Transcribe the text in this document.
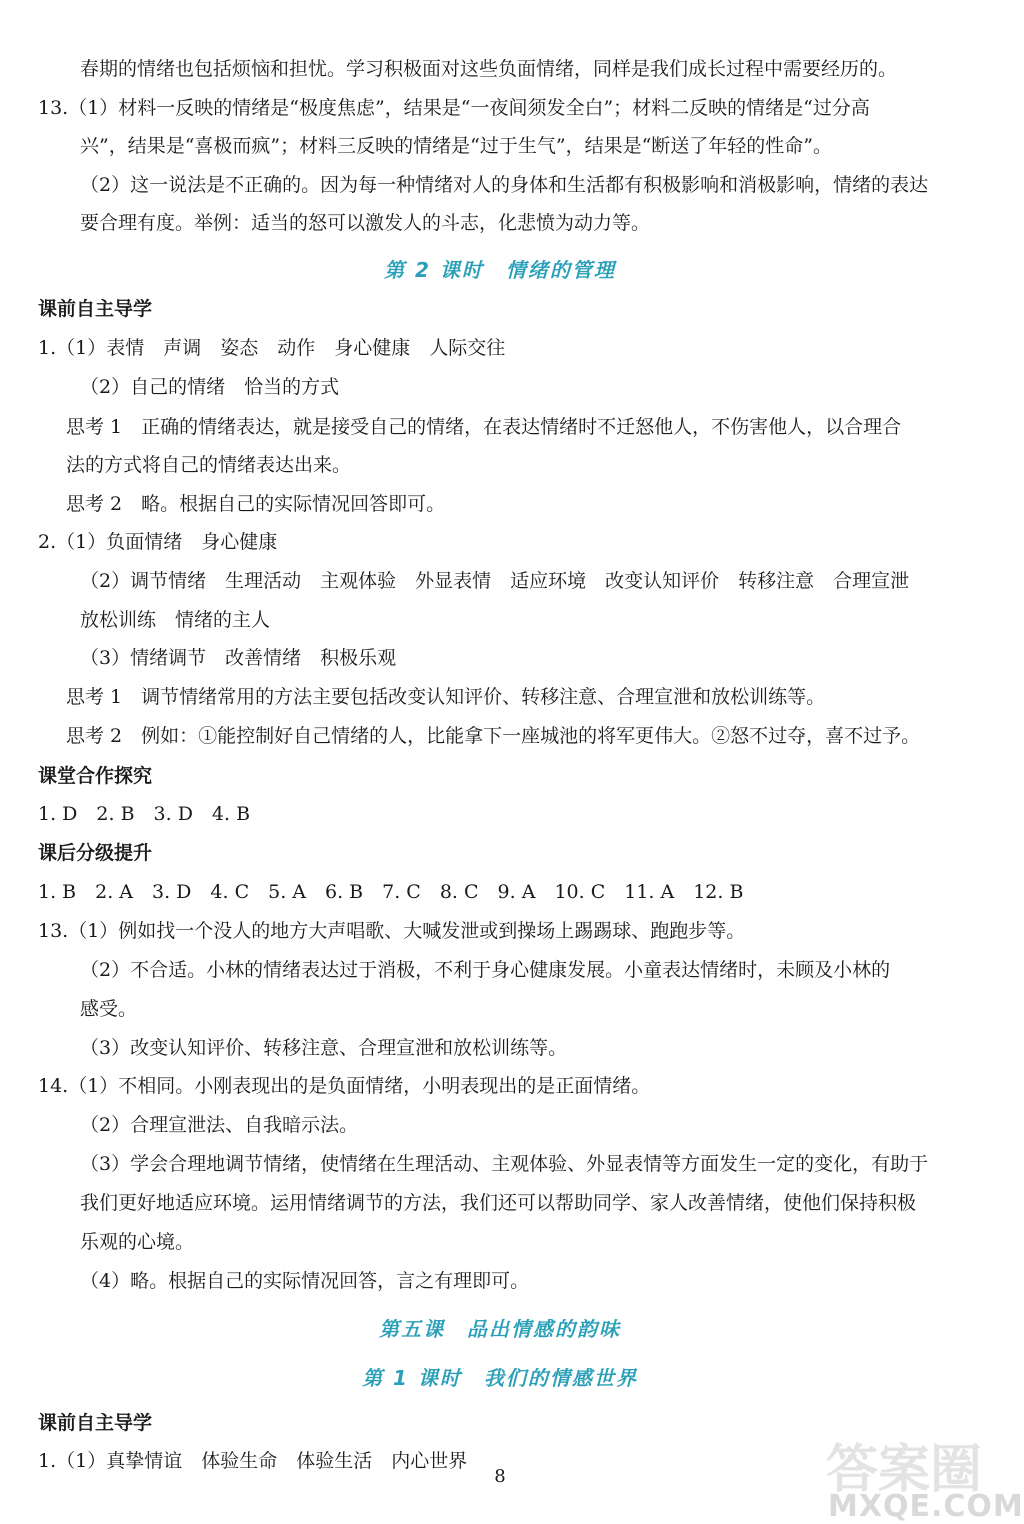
春期的情绪也包括烦恼和担忧。学习积极面对这些负面情绪，同样是我们成长过程中需要经历的。
13.（1）材料一反映的情绪是“极度焦虑”，结果是“一夜间须发全白”；材料二反映的情绪是“过分高
兴”，结果是“喜极而疯”；材料三反映的情绪是“过于生气”，结果是“断送了年轻的性命”。
（2）这一说法是不正确的。因为每一种情绪对人的身体和生活都有积极影响和消极影响，情绪的表达
要合理有度。举例：适当的怒可以激发人的斗志，化悲愤为动力等。
第 2 课时　情绪的管理
课前自主导学
1.（1）表情　声调　姿态　动作　身心健康　人际交往
（2）自己的情绪　恰当的方式
思考 1　正确的情绪表达，就是接受自己的情绪，在表达情绪时不迁怒他人，不伤害他人，以合理合
法的方式将自己的情绪表达出来。
思考 2　略。根据自己的实际情况回答即可。
2.（1）负面情绪　身心健康
（2）调节情绪　生理活动　主观体验　外显表情　适应环境　改变认知评价　转移注意　合理宣泄
放松训练　情绪的主人
（3）情绪调节　改善情绪　积极乐观
思考 1　调节情绪常用的方法主要包括改变认知评价、转移注意、合理宣泄和放松训练等。
思考 2　例如：①能控制好自己情绪的人，比能拿下一座城池的将军更伟大。②怒不过夺，喜不过予。
课堂合作探究
1. D　2. B　3. D　4. B
课后分级提升
1. B　2. A　3. D　4. C　5. A　6. B　7. C　8. C　9. A　10. C　11. A　12. B
13.（1）例如找一个没人的地方大声唱歌、大喊发泄或到操场上踢踢球、跑跑步等。
（2）不合适。小林的情绪表达过于消极，不利于身心健康发展。小童表达情绪时，未顾及小林的
感受。
（3）改变认知评价、转移注意、合理宣泄和放松训练等。
14.（1）不相同。小刚表现出的是负面情绪，小明表现出的是正面情绪。
（2）合理宣泄法、自我暗示法。
（3）学会合理地调节情绪，使情绪在生理活动、主观体验、外显表情等方面发生一定的变化，有助于
我们更好地适应环境。运用情绪调节的方法，我们还可以帮助同学、家人改善情绪，使他们保持积极
乐观的心境。
（4）略。根据自己的实际情况回答，言之有理即可。
第五课　品出情感的韵味
第 1 课时　我们的情感世界
课前自主导学
1.（1）真挚情谊　体验生命　体验生活　内心世界
8	答案圈
MXQE.COM
